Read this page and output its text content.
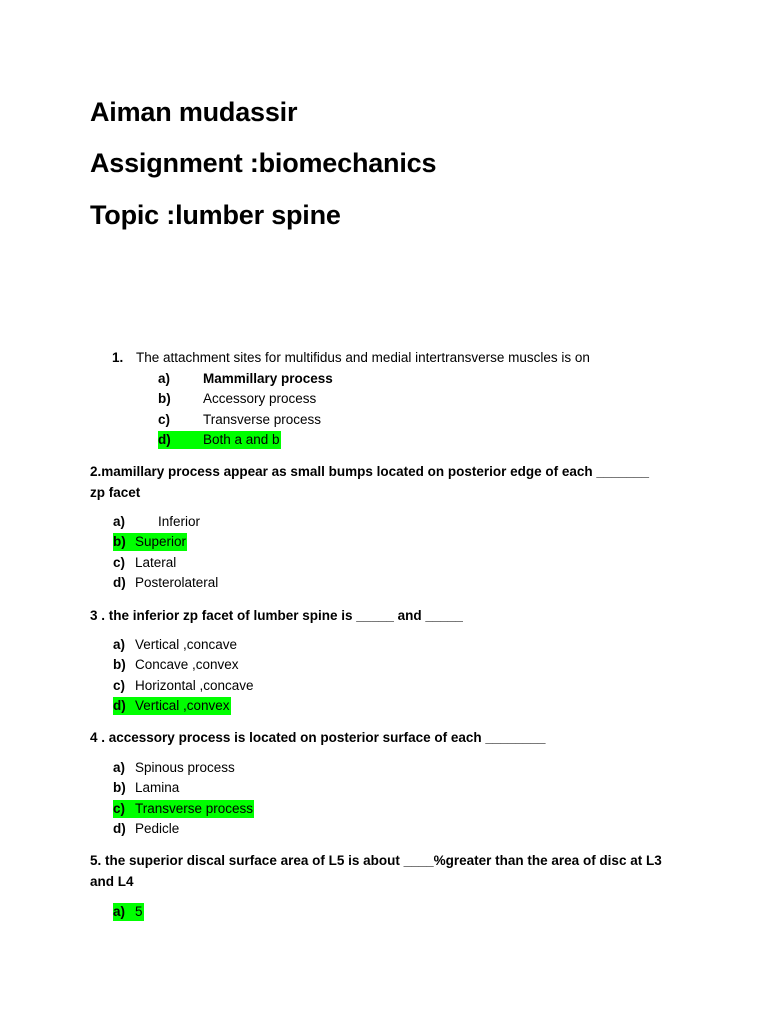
Aiman mudassir
Assignment :biomechanics
Topic :lumber spine
1. The attachment sites for multifidus and medial intertransverse muscles is on
a)	Mammillary process
b)	Accessory process
c)	Transverse process
d)	Both a and b
2.mamillary process appear as small bumps located on posterior edge of each _______ zp facet
a)	Inferior
b) Superior
c) Lateral
d) Posterolateral
3 . the inferior zp facet of lumber spine is _____ and _____
a) Vertical ,concave
b) Concave ,convex
c) Horizontal ,concave
d) Vertical ,convex
4 . accessory process is located on posterior surface of each ________
a) Spinous process
b) Lamina
c) Transverse process
d) Pedicle
5. the superior discal surface area of L5 is about ____%greater than the area of disc at L3 and L4
a) 5
